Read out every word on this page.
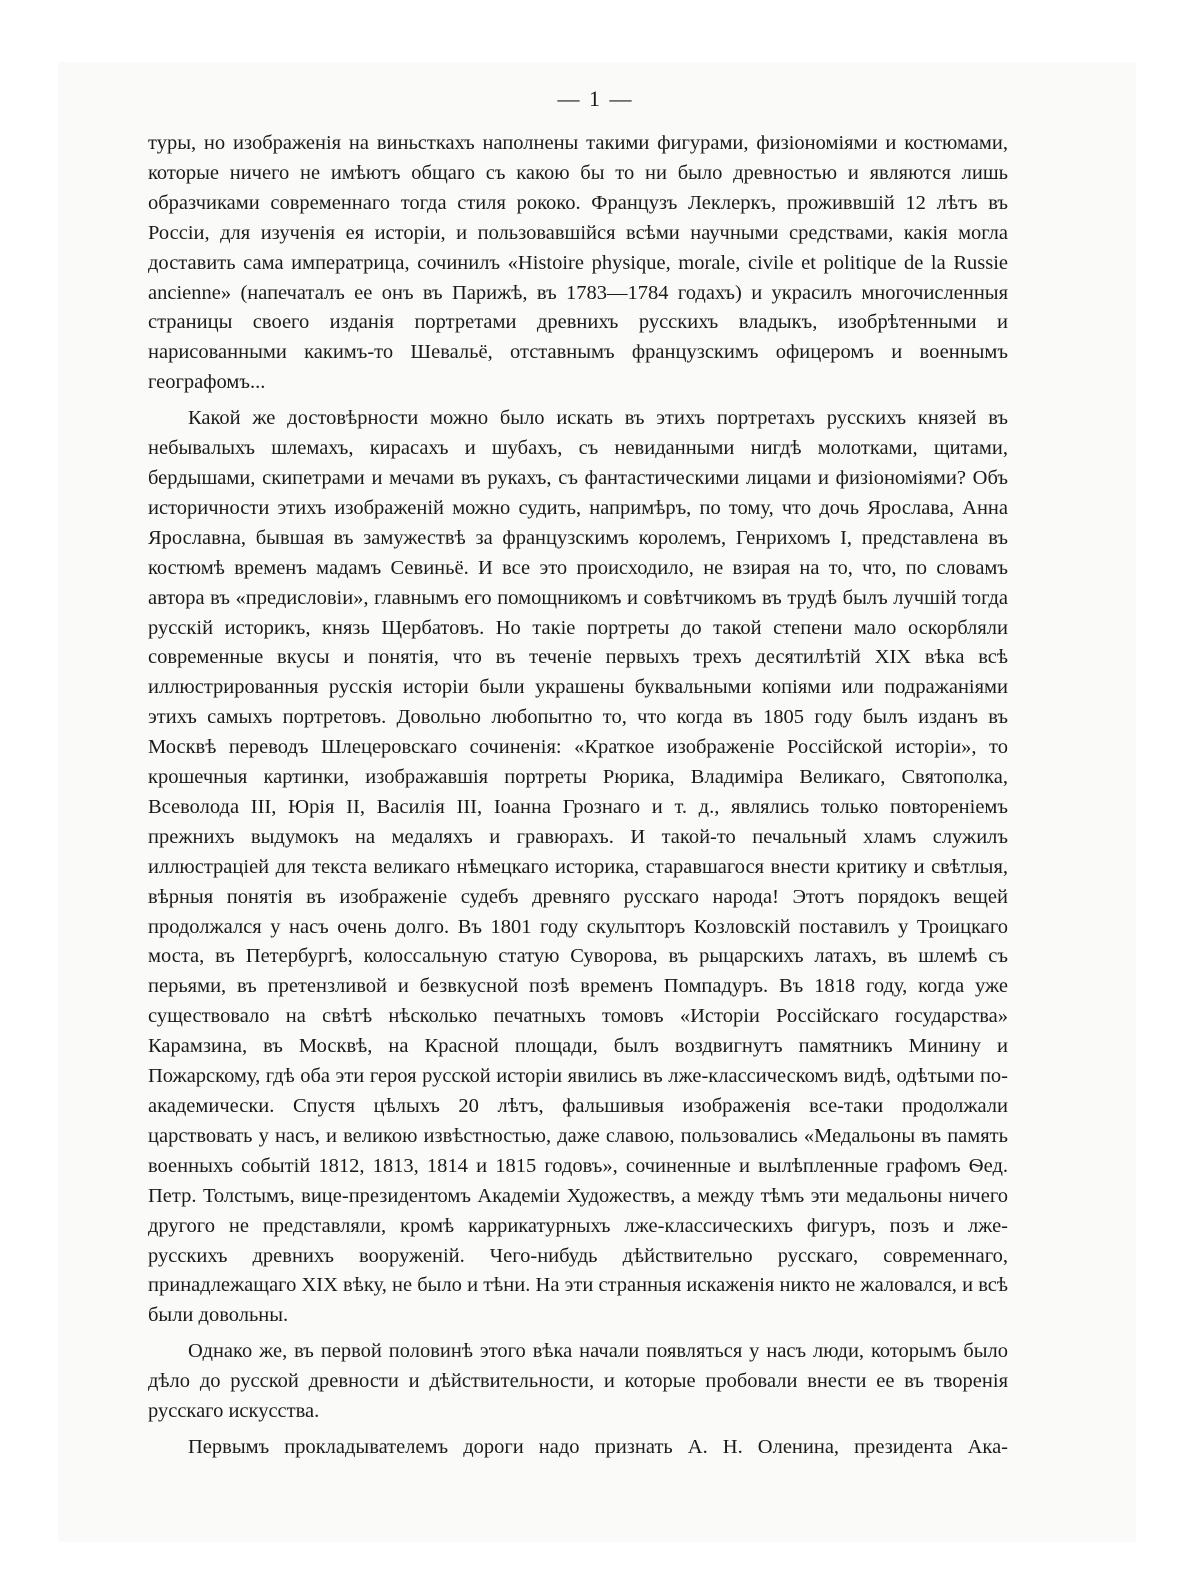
— 1 —

туры, но изображенія на виньсткахъ наполнены такими фигурами, физіономіями и костюмами, которые ничего не имѣютъ общаго съ какою бы то ни было древностью и являются лишь образчиками современнаго тогда стиля рококо. Французъ Леклеркъ, проживвшій 12 лѣтъ въ Россіи, для изученія ея исторіи, и пользовавшійся всѣми научными средствами, какія могла доставить сама императрица, сочинилъ «Histoire physique, morale, civile et politique de la Russie ancienne» (напечаталъ ее онъ въ Парижѣ, въ 1783—1784 годахъ) и украсилъ многочисленныя страницы своего изданія портретами древнихъ русскихъ владыкъ, изобрѣтенными и нарисованными какимъ-то Шевальё, отставнымъ французскимъ офицеромъ и военнымъ географомъ...

Какой же достовѣрности можно было искать въ этихъ портретахъ русскихъ князей въ небывалыхъ шлемахъ, кирасахъ и шубахъ, съ невиданными нигдѣ молотками, щитами, бердышами, скипетрами и мечами въ рукахъ, съ фантастическими лицами и физіономіями? Объ историчности этихъ изображеній можно судить, напримѣръ, по тому, что дочь Ярослава, Анна Ярославна, бывшая въ замужествѣ за французскимъ королемъ, Генрихомъ I, представлена въ костюмѣ временъ мадамъ Севиньё. И все это происходило, не взирая на то, что, по словамъ автора въ «предисловіи», главнымъ его помощникомъ и совѣтчикомъ въ трудѣ былъ лучшій тогда русскій историкъ, князь Щербатовъ. Но такіе портреты до такой степени мало оскорбляли современные вкусы и понятія, что въ теченіе первыхъ трехъ десятилѣтій XIX вѣка всѣ иллюстрированныя русскія исторіи были украшены буквальными копіями или подражаніями этихъ самыхъ портретовъ. Довольно любопытно то, что когда въ 1805 году былъ изданъ въ Москвѣ переводъ Шлецеровскаго сочиненія: «Краткое изображеніе Россійской исторіи», то крошечныя картинки, изображавшія портреты Рюрика, Владиміра Великаго, Святополка, Всеволода III, Юрія II, Василія III, Іоанна Грознаго и т. д., являлись только повтореніемъ прежнихъ выдумокъ на медаляхъ и гравюрахъ. И такой-то печальный хламъ служилъ иллюстраціей для текста великаго нѣмецкаго историка, старавшагося внести критику и свѣтлыя, вѣрныя понятія въ изображеніе судебъ древняго русскаго народа! Этотъ порядокъ вещей продолжался у насъ очень долго. Въ 1801 году скульпторъ Козловскій поставилъ у Троицкаго моста, въ Петербургѣ, колоссальную статую Суворова, въ рыцарскихъ латахъ, въ шлемѣ съ перьями, въ претензливой и безвкусной позѣ временъ Помпадуръ. Въ 1818 году, когда уже существовало на свѣтѣ нѣсколько печатныхъ томовъ «Исторіи Россійскаго государства» Карамзина, въ Москвѣ, на Красной площади, былъ воздвигнутъ памятникъ Минину и Пожарскому, гдѣ оба эти героя русской исторіи явились въ лже-классическомъ видѣ, одѣтыми по-академически. Спустя цѣлыхъ 20 лѣтъ, фальшивыя изображенія все-таки продолжали царствовать у насъ, и великою извѣстностью, даже славою, пользовались «Медальоны въ память военныхъ событій 1812, 1813, 1814 и 1815 годовъ», сочиненные и вылѣпленные графомъ Ѳед. Петр. Толстымъ, вице-президентомъ Академіи Художествъ, а между тѣмъ эти медальоны ничего другого не представляли, кромѣ каррикатурныхъ лже-классическихъ фигуръ, позъ и лже-русскихъ древнихъ вооруженій. Чего-нибудь дѣйствительно русскаго, современнаго, принадлежащаго XIX вѣку, не было и тѣни. На эти странныя искаженія никто не жаловался, и всѣ были довольны.

Однако же, въ первой половинѣ этого вѣка начали появляться у насъ люди, которымъ было дѣло до русской древности и дѣйствительности, и которые пробовали внести ее въ творенія русскаго искусства.

Первымъ прокладывателемъ дороги надо признать А. Н. Оленина, президента Ака-
